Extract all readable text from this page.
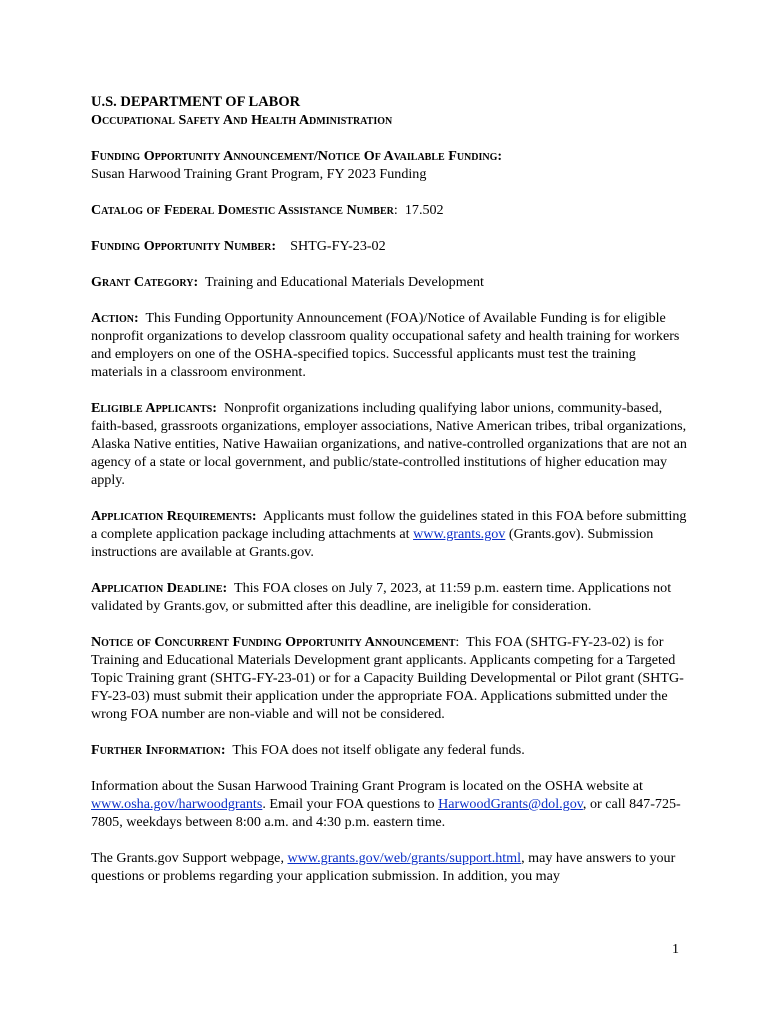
U.S. DEPARTMENT OF LABOR

Occupational Safety And Health Administration

Funding Opportunity Announcement/Notice Of Available Funding:

Susan Harwood Training Grant Program, FY 2023 Funding

Catalog of Federal Domestic Assistance Number:  17.502

Funding Opportunity Number: SHTG-FY-23-02

Grant Category: Training and Educational Materials Development

Action: This Funding Opportunity Announcement (FOA)/Notice of Available Funding is for eligible nonprofit organizations to develop classroom quality occupational safety and health training for workers and employers on one of the OSHA-specified topics. Successful applicants must test the training materials in a classroom environment.

Eligible Applicants: Nonprofit organizations including qualifying labor unions, community-based, faith-based, grassroots organizations, employer associations, Native American tribes, tribal organizations, Alaska Native entities, Native Hawaiian organizations, and native-controlled organizations that are not an agency of a state or local government, and public/state-controlled institutions of higher education may apply.

Application Requirements: Applicants must follow the guidelines stated in this FOA before submitting a complete application package including attachments at www.grants.gov (Grants.gov). Submission instructions are available at Grants.gov.

Application Deadline: This FOA closes on July 7, 2023, at 11:59 p.m. eastern time. Applications not validated by Grants.gov, or submitted after this deadline, are ineligible for consideration.

Notice of Concurrent Funding Opportunity Announcement:  This FOA (SHTG-FY-23-02) is for Training and Educational Materials Development grant applicants. Applicants competing for a Targeted Topic Training grant (SHTG-FY-23-01) or for a Capacity Building Developmental or Pilot grant (SHTG-FY-23-03) must submit their application under the appropriate FOA. Applications submitted under the wrong FOA number are non-viable and will not be considered.

Further Information: This FOA does not itself obligate any federal funds.

Information about the Susan Harwood Training Grant Program is located on the OSHA website at www.osha.gov/harwoodgrants. Email your FOA questions to HarwoodGrants@dol.gov, or call 847-725-7805, weekdays between 8:00 a.m. and 4:30 p.m. eastern time.

The Grants.gov Support webpage, www.grants.gov/web/grants/support.html, may have answers to your questions or problems regarding your application submission. In addition, you may

1
